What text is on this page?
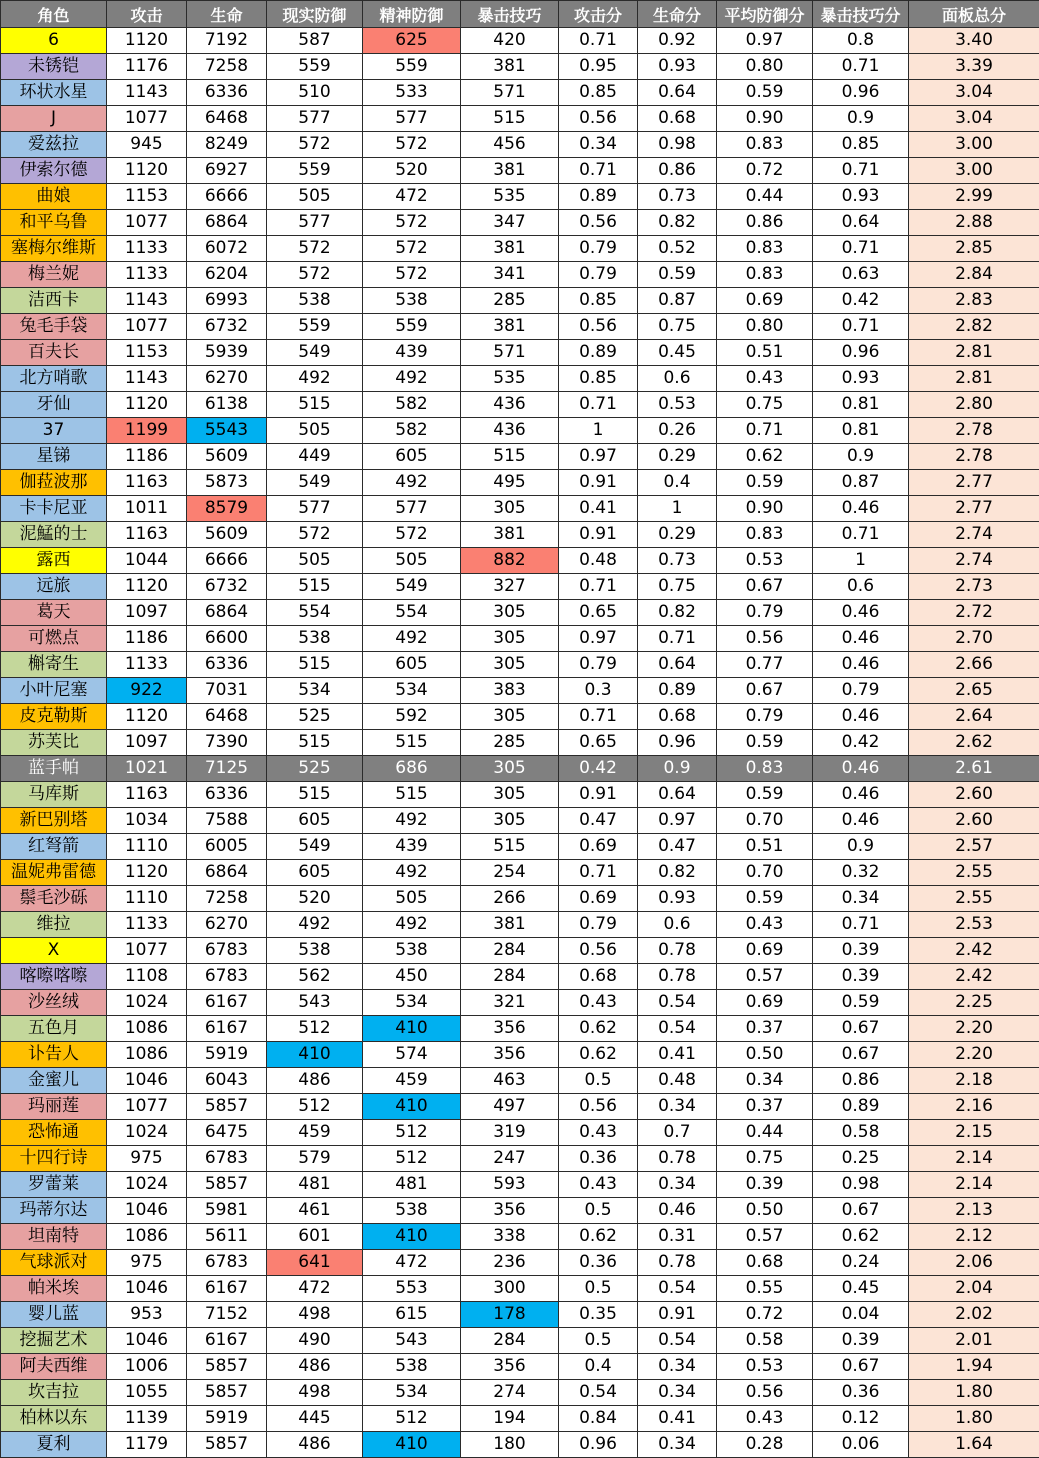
角色	攻击	生命	现实防御	精神防御	暴击技巧	攻击分	生命分	平均防御分	暴击技巧分	面板总分
6	1120	7192	587	625	420	0.71	0.92	0.97	0.8	3.40
未锈铠	1176	7258	559	559	381	0.95	0.93	0.80	0.71	3.39
环状水星	1143	6336	510	533	571	0.85	0.64	0.59	0.96	3.04
J	1077	6468	577	577	515	0.56	0.68	0.90	0.9	3.04
爱兹拉	945	8249	572	572	456	0.34	0.98	0.83	0.85	3.00
伊索尔德	1120	6927	559	520	381	0.71	0.86	0.72	0.71	3.00
曲娘	1153	6666	505	472	535	0.89	0.73	0.44	0.93	2.99
和平乌鲁	1077	6864	577	572	347	0.56	0.82	0.86	0.64	2.88
塞梅尔维斯	1133	6072	572	572	381	0.79	0.52	0.83	0.71	2.85
梅兰妮	1133	6204	572	572	341	0.79	0.59	0.83	0.63	2.84
洁西卡	1143	6993	538	538	285	0.85	0.87	0.69	0.42	2.83
兔毛手袋	1077	6732	559	559	381	0.56	0.75	0.80	0.71	2.82
百夫长	1153	5939	549	439	571	0.89	0.45	0.51	0.96	2.81
北方哨歌	1143	6270	492	492	535	0.85	0.6	0.43	0.93	2.81
牙仙	1120	6138	515	582	436	0.71	0.53	0.75	0.81	2.80
37	1199	5543	505	582	436	1	0.26	0.71	0.81	2.78
星锑	1186	5609	449	605	515	0.97	0.29	0.62	0.9	2.78
伽菈波那	1163	5873	549	492	495	0.91	0.4	0.59	0.87	2.77
卡卡尼亚	1011	8579	577	577	305	0.41	1	0.90	0.46	2.77
泥鯭的士	1163	5609	572	572	381	0.91	0.29	0.83	0.71	2.74
露西	1044	6666	505	505	882	0.48	0.73	0.53	1	2.74
远旅	1120	6732	515	549	327	0.71	0.75	0.67	0.6	2.73
葛天	1097	6864	554	554	305	0.65	0.82	0.79	0.46	2.72
可燃点	1186	6600	538	492	305	0.97	0.71	0.56	0.46	2.70
槲寄生	1133	6336	515	605	305	0.79	0.64	0.77	0.46	2.66
小叶尼塞	922	7031	534	534	383	0.3	0.89	0.67	0.79	2.65
皮克勒斯	1120	6468	525	592	305	0.71	0.68	0.79	0.46	2.64
苏芙比	1097	7390	515	515	285	0.65	0.96	0.59	0.42	2.62
蓝手帕	1021	7125	525	686	305	0.42	0.9	0.83	0.46	2.61
马库斯	1163	6336	515	515	305	0.91	0.64	0.59	0.46	2.60
新巴别塔	1034	7588	605	492	305	0.47	0.97	0.70	0.46	2.60
红弩箭	1110	6005	549	439	515	0.69	0.47	0.51	0.9	2.57
温妮弗雷德	1120	6864	605	492	254	0.71	0.82	0.70	0.32	2.55
鬃毛沙砾	1110	7258	520	505	266	0.69	0.93	0.59	0.34	2.55
维拉	1133	6270	492	492	381	0.79	0.6	0.43	0.71	2.53
X	1077	6783	538	538	284	0.56	0.78	0.69	0.39	2.42
喀嚓喀嚓	1108	6783	562	450	284	0.68	0.78	0.57	0.39	2.42
沙丝绒	1024	6167	543	534	321	0.43	0.54	0.69	0.59	2.25
五色月	1086	6167	512	410	356	0.62	0.54	0.37	0.67	2.20
讣告人	1086	5919	410	574	356	0.62	0.41	0.50	0.67	2.20
金蜜儿	1046	6043	486	459	463	0.5	0.48	0.34	0.86	2.18
玛丽莲	1077	5857	512	410	497	0.56	0.34	0.37	0.89	2.16
恐怖通	1024	6475	459	512	319	0.43	0.7	0.44	0.58	2.15
十四行诗	975	6783	579	512	247	0.36	0.78	0.75	0.25	2.14
罗蕾莱	1024	5857	481	481	593	0.43	0.34	0.39	0.98	2.14
玛蒂尔达	1046	5981	461	538	356	0.5	0.46	0.50	0.67	2.13
坦南特	1086	5611	601	410	338	0.62	0.31	0.57	0.62	2.12
气球派对	975	6783	641	472	236	0.36	0.78	0.68	0.24	2.06
帕米埃	1046	6167	472	553	300	0.5	0.54	0.55	0.45	2.04
婴儿蓝	953	7152	498	615	178	0.35	0.91	0.72	0.04	2.02
挖掘艺术	1046	6167	490	543	284	0.5	0.54	0.58	0.39	2.01
阿夫西维	1006	5857	486	538	356	0.4	0.34	0.53	0.67	1.94
坎吉拉	1055	5857	498	534	274	0.54	0.34	0.56	0.36	1.80
柏林以东	1139	5919	445	512	194	0.84	0.41	0.43	0.12	1.80
夏利	1179	5857	486	410	180	0.96	0.34	0.28	0.06	1.64
